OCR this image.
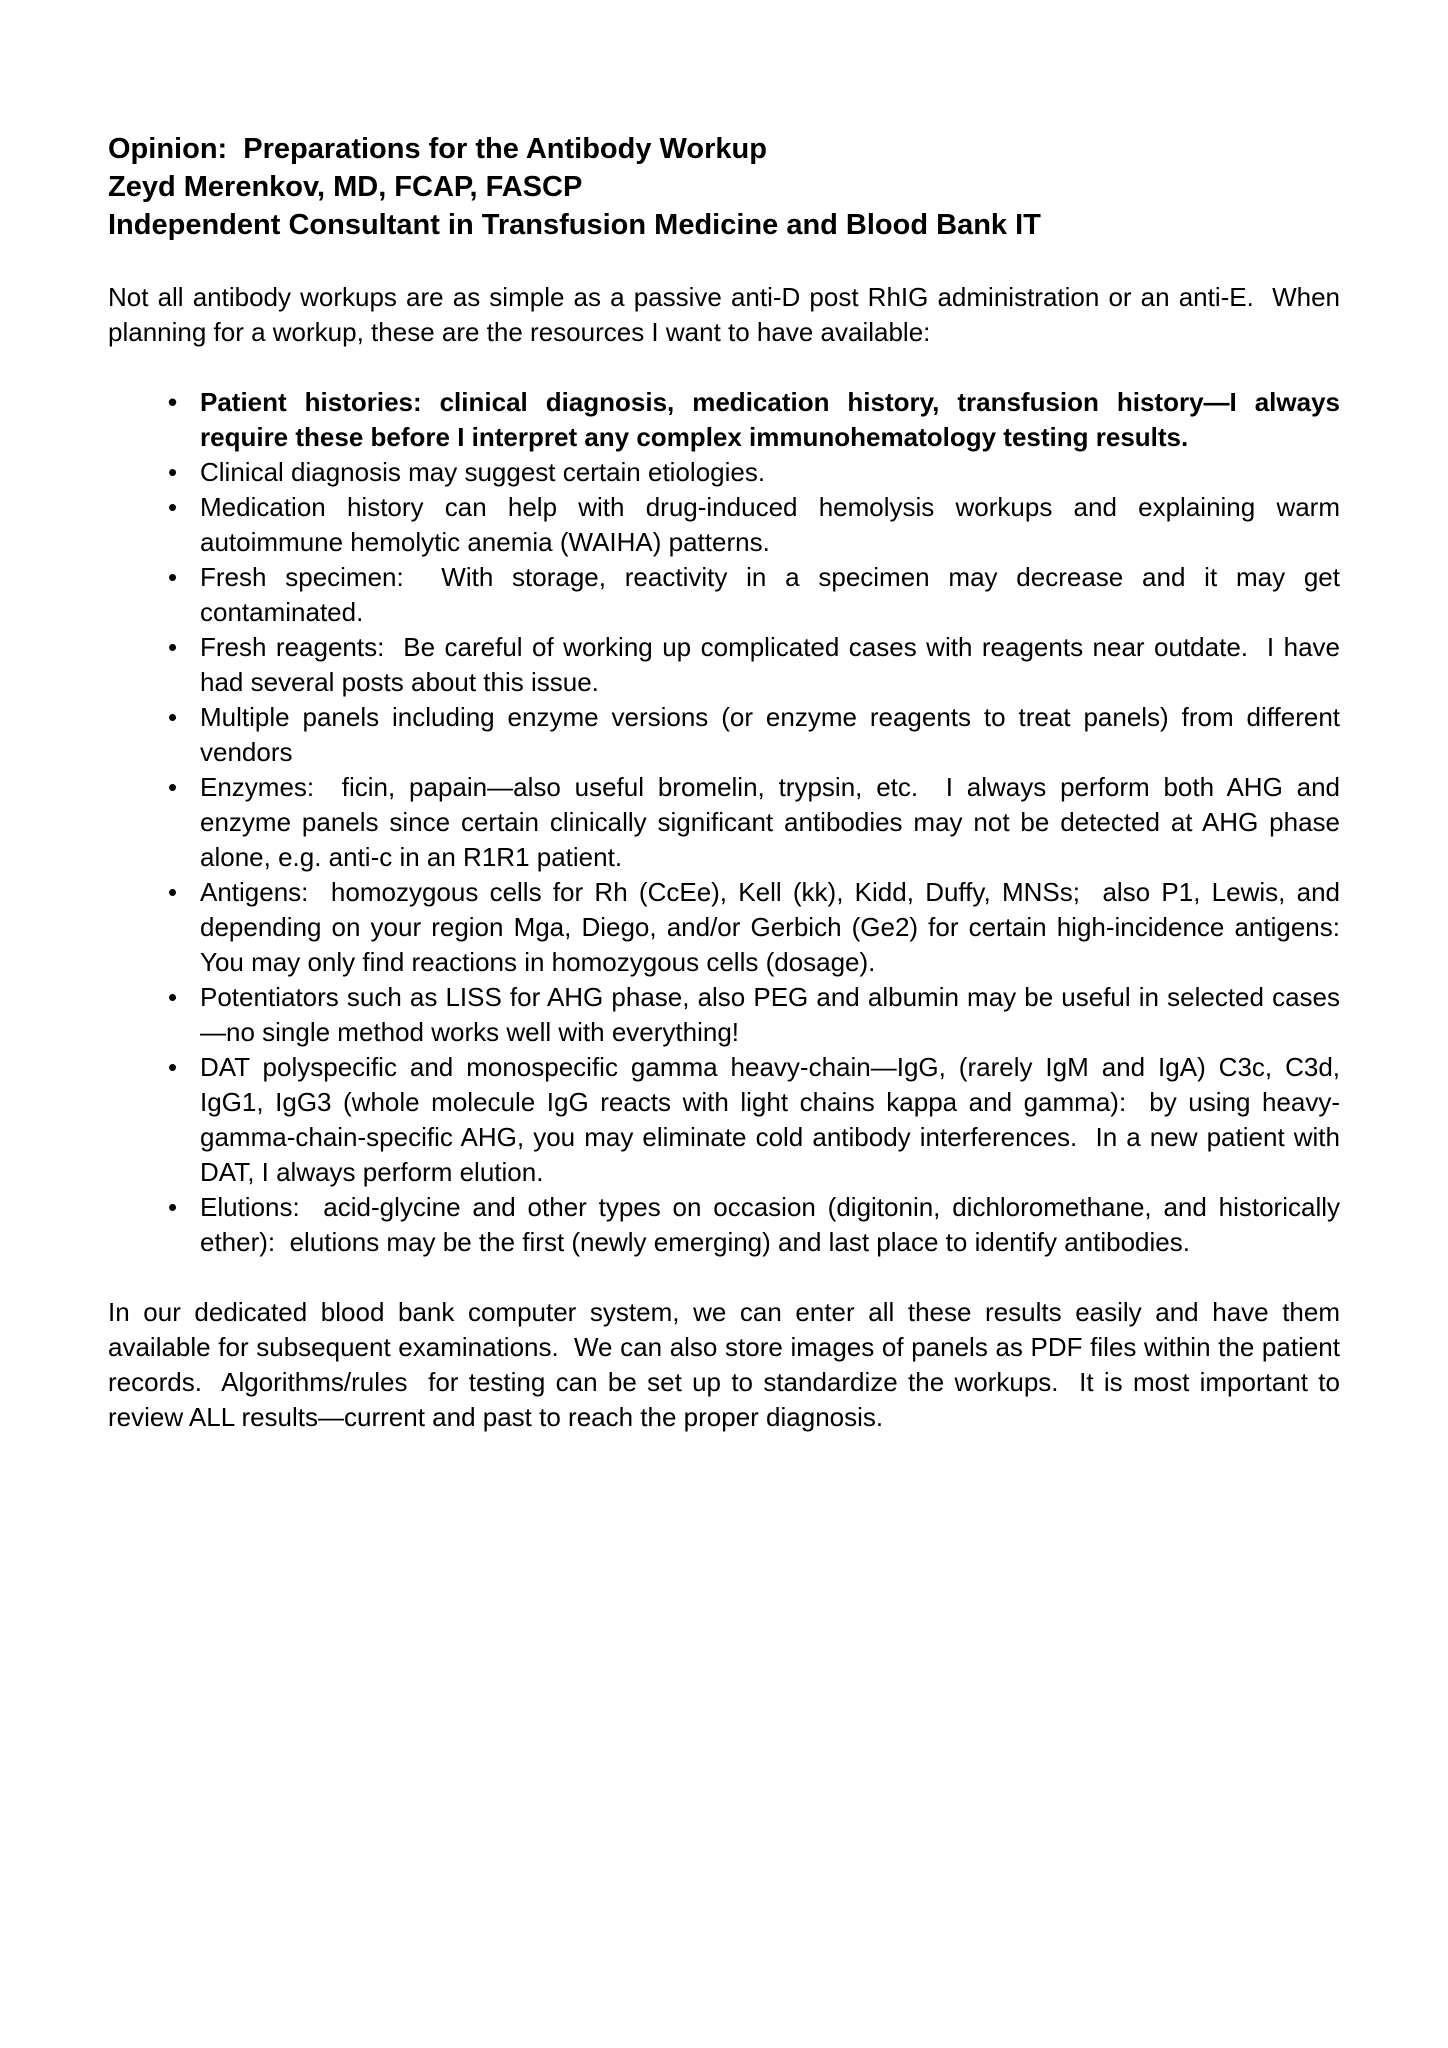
Opinion:  Preparations for the Antibody Workup
Zeyd Merenkov, MD, FCAP, FASCP
Independent Consultant in Transfusion Medicine and Blood Bank IT

Not all antibody workups are as simple as a passive anti-D post RhIG administration or an anti-E.  When planning for a workup, these are the resources I want to have available:

• Patient histories: clinical diagnosis, medication history, transfusion history—I always require these before I interpret any complex immunohematology testing results.
• Clinical diagnosis may suggest certain etiologies.
• Medication history can help with drug-induced hemolysis workups and explaining warm autoimmune hemolytic anemia (WAIHA) patterns.
• Fresh specimen:  With storage, reactivity in a specimen may decrease and it may get contaminated.
• Fresh reagents:  Be careful of working up complicated cases with reagents near outdate.  I have had several posts about this issue.
• Multiple panels including enzyme versions (or enzyme reagents to treat panels) from different vendors
• Enzymes:  ficin, papain—also useful bromelin, trypsin, etc.  I always perform both AHG and enzyme panels since certain clinically significant antibodies may not be detected at AHG phase alone, e.g. anti-c in an R1R1 patient.
• Antigens:  homozygous cells for Rh (CcEe), Kell (kk), Kidd, Duffy, MNSs;  also P1, Lewis, and depending on your region Mga, Diego, and/or Gerbich (Ge2) for certain high-incidence antigens:  You may only find reactions in homozygous cells (dosage).
• Potentiators such as LISS for AHG phase, also PEG and albumin may be useful in selected cases—no single method works well with everything!
• DAT polyspecific and monospecific gamma heavy-chain—IgG, (rarely IgM and IgA) C3c, C3d, IgG1, IgG3 (whole molecule IgG reacts with light chains kappa and gamma):  by using heavy-gamma-chain-specific AHG, you may eliminate cold antibody interferences.  In a new patient with DAT, I always perform elution.
• Elutions:  acid-glycine and other types on occasion (digitonin, dichloromethane, and historically ether):  elutions may be the first (newly emerging) and last place to identify antibodies.

In our dedicated blood bank computer system, we can enter all these results easily and have them available for subsequent examinations.  We can also store images of panels as PDF files within the patient records.  Algorithms/rules  for testing can be set up to standardize the workups.  It is most important to review ALL results—current and past to reach the proper diagnosis.
